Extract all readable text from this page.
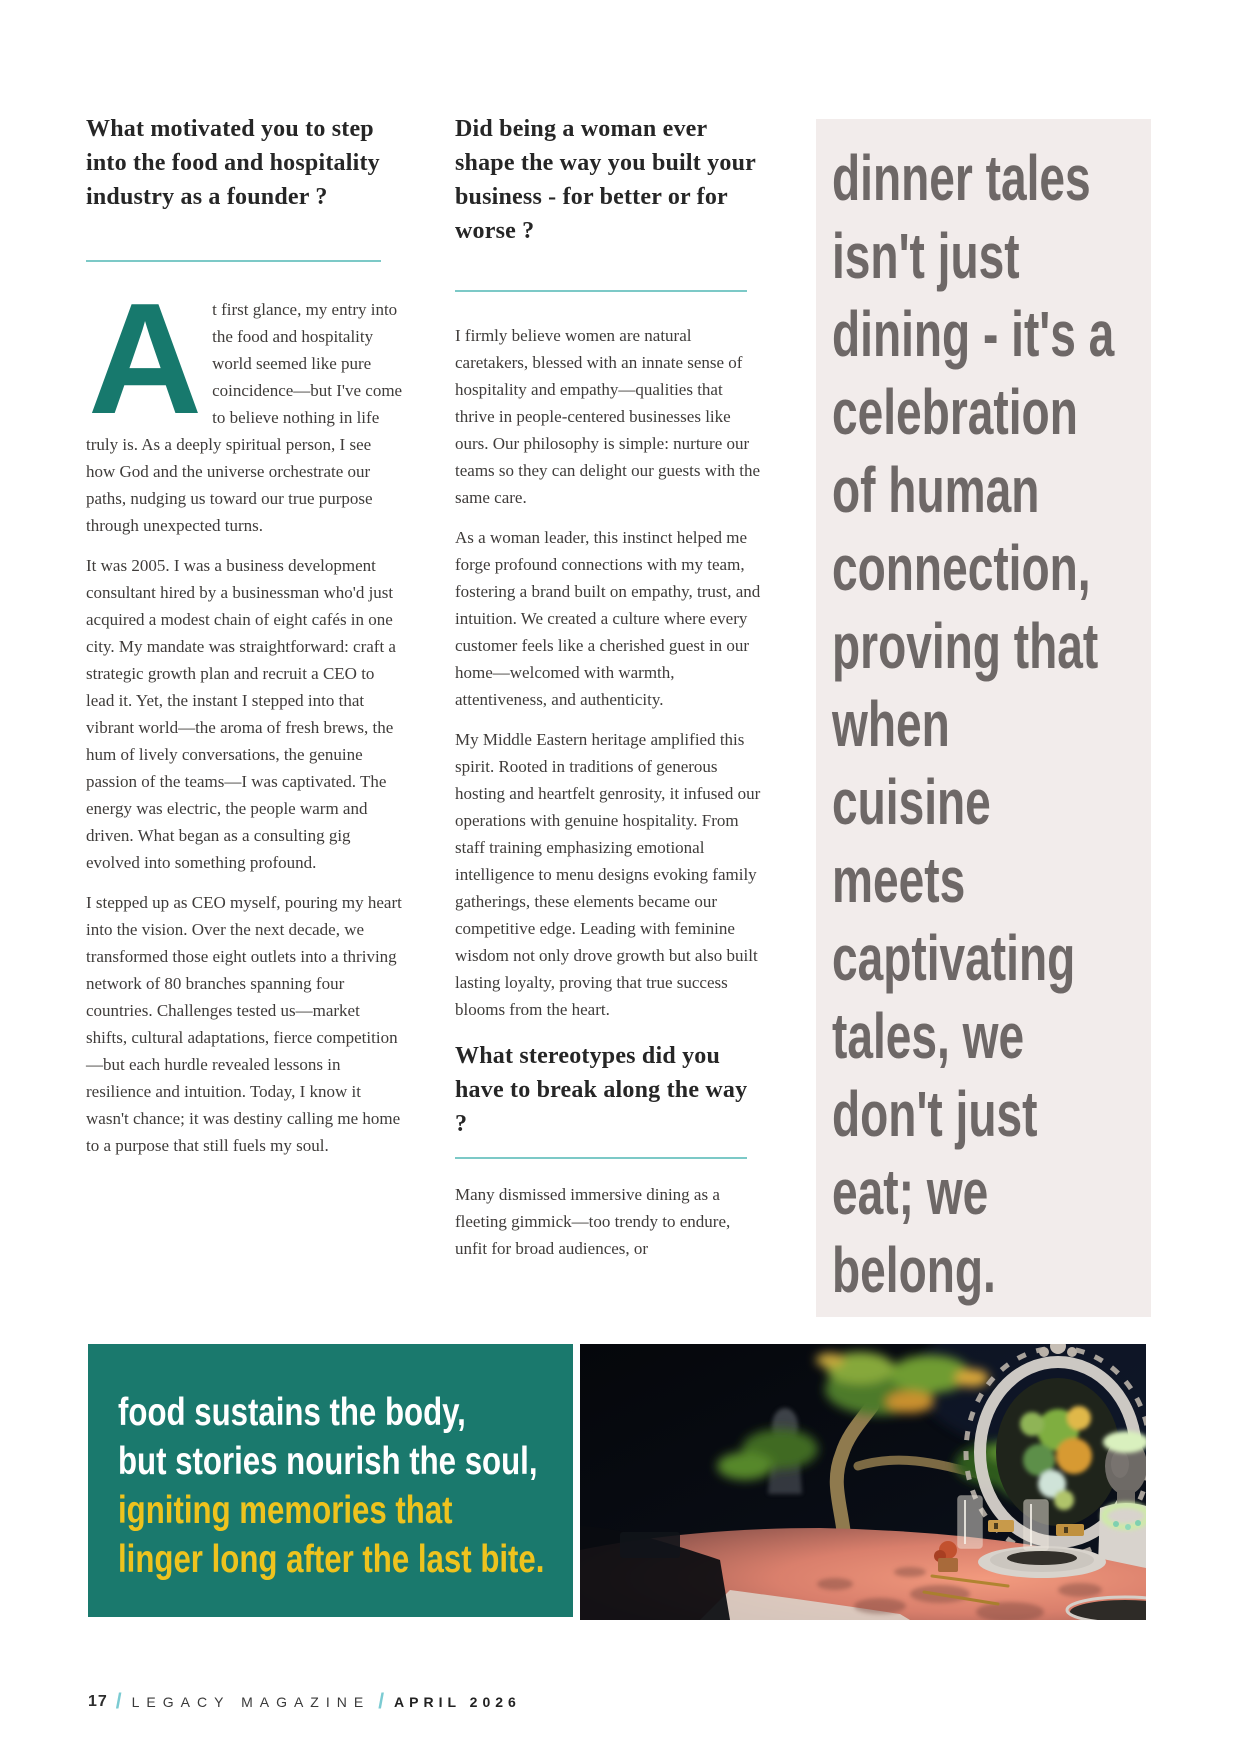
What motivated you to step into the food and hospitality industry as a founder ?

At first glance, my entry into the food and hospitality world seemed like pure coincidence—but I've come to believe nothing in life truly is. As a deeply spiritual person, I see how God and the universe orchestrate our paths, nudging us toward our true purpose through unexpected turns.

It was 2005. I was a business development consultant hired by a businessman who'd just acquired a modest chain of eight cafés in one city. My mandate was straightforward: craft a strategic growth plan and recruit a CEO to lead it. Yet, the instant I stepped into that vibrant world—the aroma of fresh brews, the hum of lively conversations, the genuine passion of the teams—I was captivated. The energy was electric, the people warm and driven. What began as a consulting gig evolved into something profound.

I stepped up as CEO myself, pouring my heart into the vision. Over the next decade, we transformed those eight outlets into a thriving network of 80 branches spanning four countries. Challenges tested us—market shifts, cultural adaptations, fierce competition—but each hurdle revealed lessons in resilience and intuition. Today, I know it wasn't chance; it was destiny calling me home to a purpose that still fuels my soul.

Did being a woman ever shape the way you built your business - for better or for worse ?

I firmly believe women are natural caretakers, blessed with an innate sense of hospitality and empathy—qualities that thrive in people-centered businesses like ours. Our philosophy is simple: nurture our teams so they can delight our guests with the same care.

As a woman leader, this instinct helped me forge profound connections with my team, fostering a brand built on empathy, trust, and intuition. We created a culture where every customer feels like a cherished guest in our home—welcomed with warmth, attentiveness, and authenticity.

My Middle Eastern heritage amplified this spirit. Rooted in traditions of generous hosting and heartfelt genrosity, it infused our operations with genuine hospitality. From staff training emphasizing emotional intelligence to menu designs evoking family gatherings, these elements became our competitive edge. Leading with feminine wisdom not only drove growth but also built lasting loyalty, proving that true success blooms from the heart.

What stereotypes did you have to break along the way ?

Many dismissed immersive dining as a fleeting gimmick—too trendy to endure, unfit for broad audiences, or

dinner tales
isn't just
dining - it's a
celebration
of human
connection,
proving that
when
cuisine
meets
captivating
tales, we
don't just
eat; we
belong.
food sustains the body,
but stories nourish the soul,
igniting memories that
linger long after the last bite.
17 / LEGACY MAGAZINE / APRIL 2026
